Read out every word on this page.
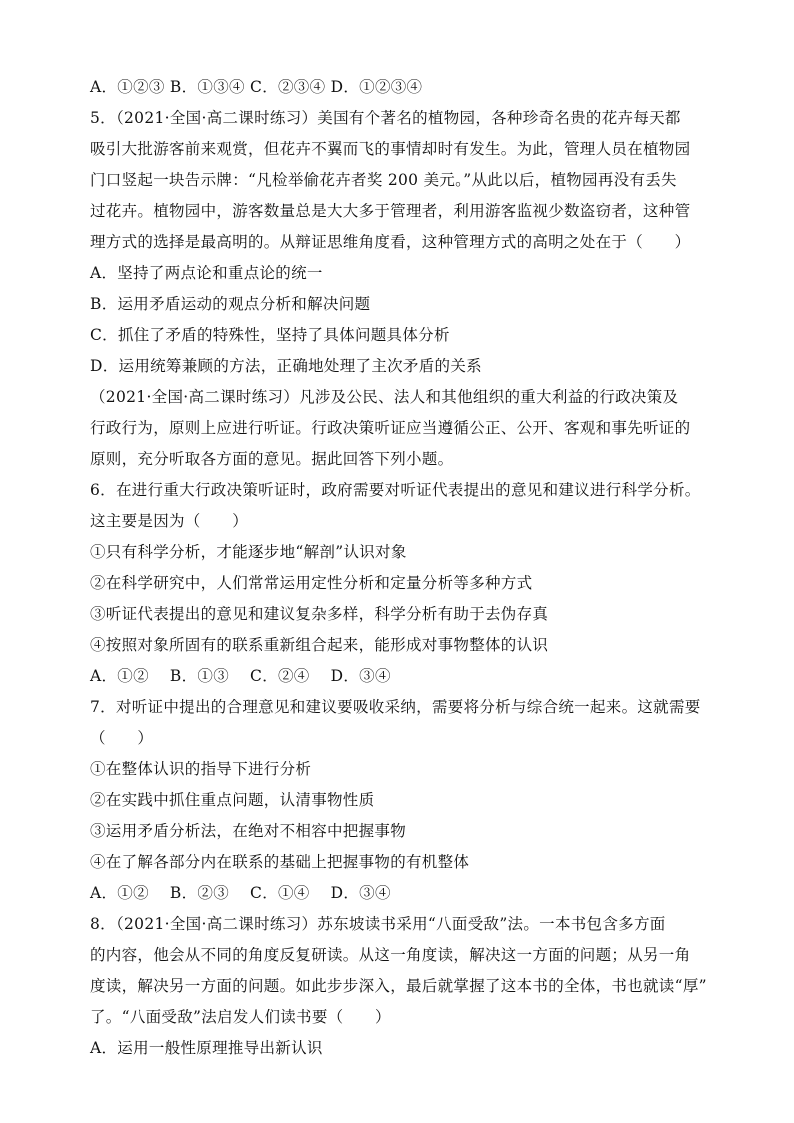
A．①②③ B．①③④ C．②③④ D．①②③④
5．（2021·全国·高二课时练习）美国有个著名的植物园，各种珍奇名贵的花卉每天都
吸引大批游客前来观赏，但花卉不翼而飞的事情却时有发生。为此，管理人员在植物园
门口竖起一块告示牌：“凡检举偷花卉者奖 200 美元。”从此以后，植物园再没有丢失
过花卉。植物园中，游客数量总是大大多于管理者，利用游客监视少数盗窃者，这种管
理方式的选择是最高明的。从辩证思维角度看，这种管理方式的高明之处在于（　　）
A．坚持了两点论和重点论的统一
B．运用矛盾运动的观点分析和解决问题
C．抓住了矛盾的特殊性，坚持了具体问题具体分析
D．运用统筹兼顾的方法，正确地处理了主次矛盾的关系
（2021·全国·高二课时练习）凡涉及公民、法人和其他组织的重大利益的行政决策及
行政行为，原则上应进行听证。行政决策听证应当遵循公正、公开、客观和事先听证的
原则，充分听取各方面的意见。据此回答下列小题。
6．在进行重大行政决策听证时，政府需要对听证代表提出的意见和建议进行科学分析。
这主要是因为（　　）
①只有科学分析，才能逐步地“解剖”认识对象
②在科学研究中，人们常常运用定性分析和定量分析等多种方式
③听证代表提出的意见和建议复杂多样，科学分析有助于去伪存真
④按照对象所固有的联系重新组合起来，能形成对事物整体的认识
A．①②　 B．①③　 C．②④　 D．③④
7．对听证中提出的合理意见和建议要吸收采纳，需要将分析与综合统一起来。这就需要
（　　）
①在整体认识的指导下进行分析
②在实践中抓住重点问题，认清事物性质
③运用矛盾分析法，在绝对不相容中把握事物
④在了解各部分内在联系的基础上把握事物的有机整体
A．①②　 B．②③　 C．①④　 D．③④
8．（2021·全国·高二课时练习）苏东坡读书采用“八面受敌”法。一本书包含多方面
的内容，他会从不同的角度反复研读。从这一角度读，解决这一方面的问题；从另一角
度读，解决另一方面的问题。如此步步深入，最后就掌握了这本书的全体，书也就读“厚”
了。“八面受敌”法启发人们读书要（　　）
A．运用一般性原理推导出新认识
